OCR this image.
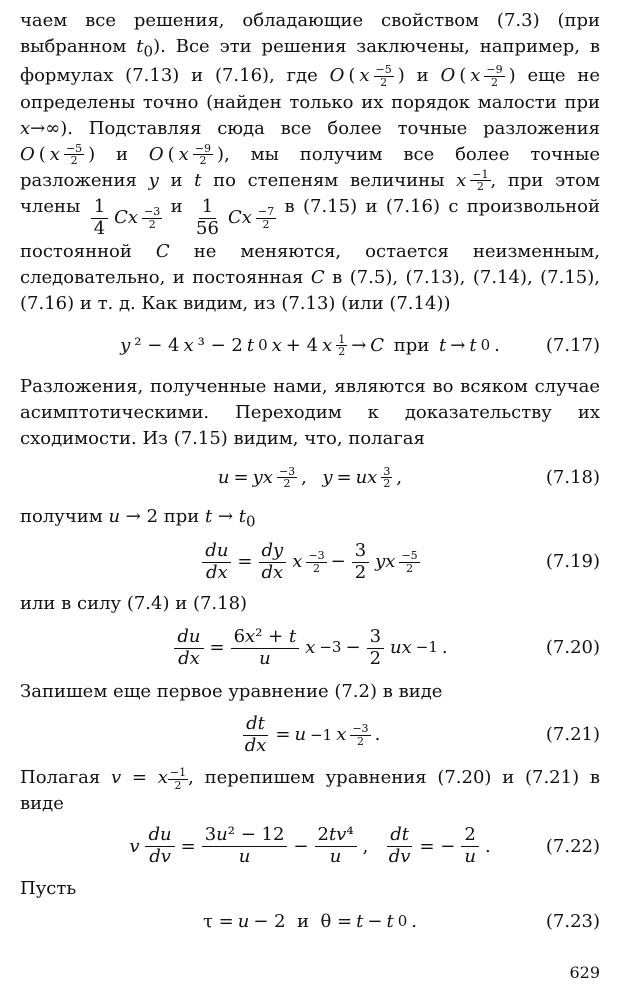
чаем все решения, обладающие свойством (7.3) (при выбранном $t_0$). Все эти решения заключены, например, в формулах (7.13) и (7.16), где O ( x −5
2 ) и O ( x −9
2 ) еще не определены точно (найден только их порядок малости при x→∞). Подставляя сюда все более точные разложения
O ( x −5
2 ) и O ( x −9
2 ), мы получим все более точные разложения y и t по степеням величины x −1
2 , при этом члены $\frac{1}{4}$ Cx −3
2
и $\frac{1}{56}$ Cx −7
2
в (7.15) и (7.16) с произвольной постоянной C не меняются, остается неизменным, следовательно, и постоянная C в (7.5), (7.13), (7.14), (7.15), (7.16) и т. д. Как видим, из (7.13) (или (7.14))

y ² − 4 x ³ − 2 t 0 x + 4 x 1
2 → C при t → t 0 .	(7.17)

Разложения, полученные нами, являются во всяком случае асимптотическими. Переходим к доказательству их сходимости. Из (7.15) видим, что, полагая

u = yx −3
2 , y = ux 3
2 ,	(7.18)

получим u → 2 при $t \to t_0$

$\frac{du}{dx} = \frac{dy}{dx}$ x −3
$2 - \frac{3}{2}$ yx −5
2	(7.19)

или в силу (7.4) и (7.18)

$\frac{du}{dx} = \frac{\text{6x² + t}}{u}$ $x -3 - \frac{3}{2}$ ux −1 .	(7.20)

Запишем еще первое уравнение (7.2) в виде

$\frac{dt}{dx} = u -1$ x −3
2 .	(7.21)

Полагая v = x $\frac{-1}{2}$ , перепишем уравнения (7.20) и (7.21) в виде

v $\frac{du}{dv} = \frac{\text{3u² − 12}}{u} - \frac{\text{2tv⁴}}{u}$ , $\frac{dt}{dv}$ = − $\frac{2}{u}$ .	(7.22)

Пусть

τ = u − 2  и  θ = t − t 0 .	(7.23)
629
